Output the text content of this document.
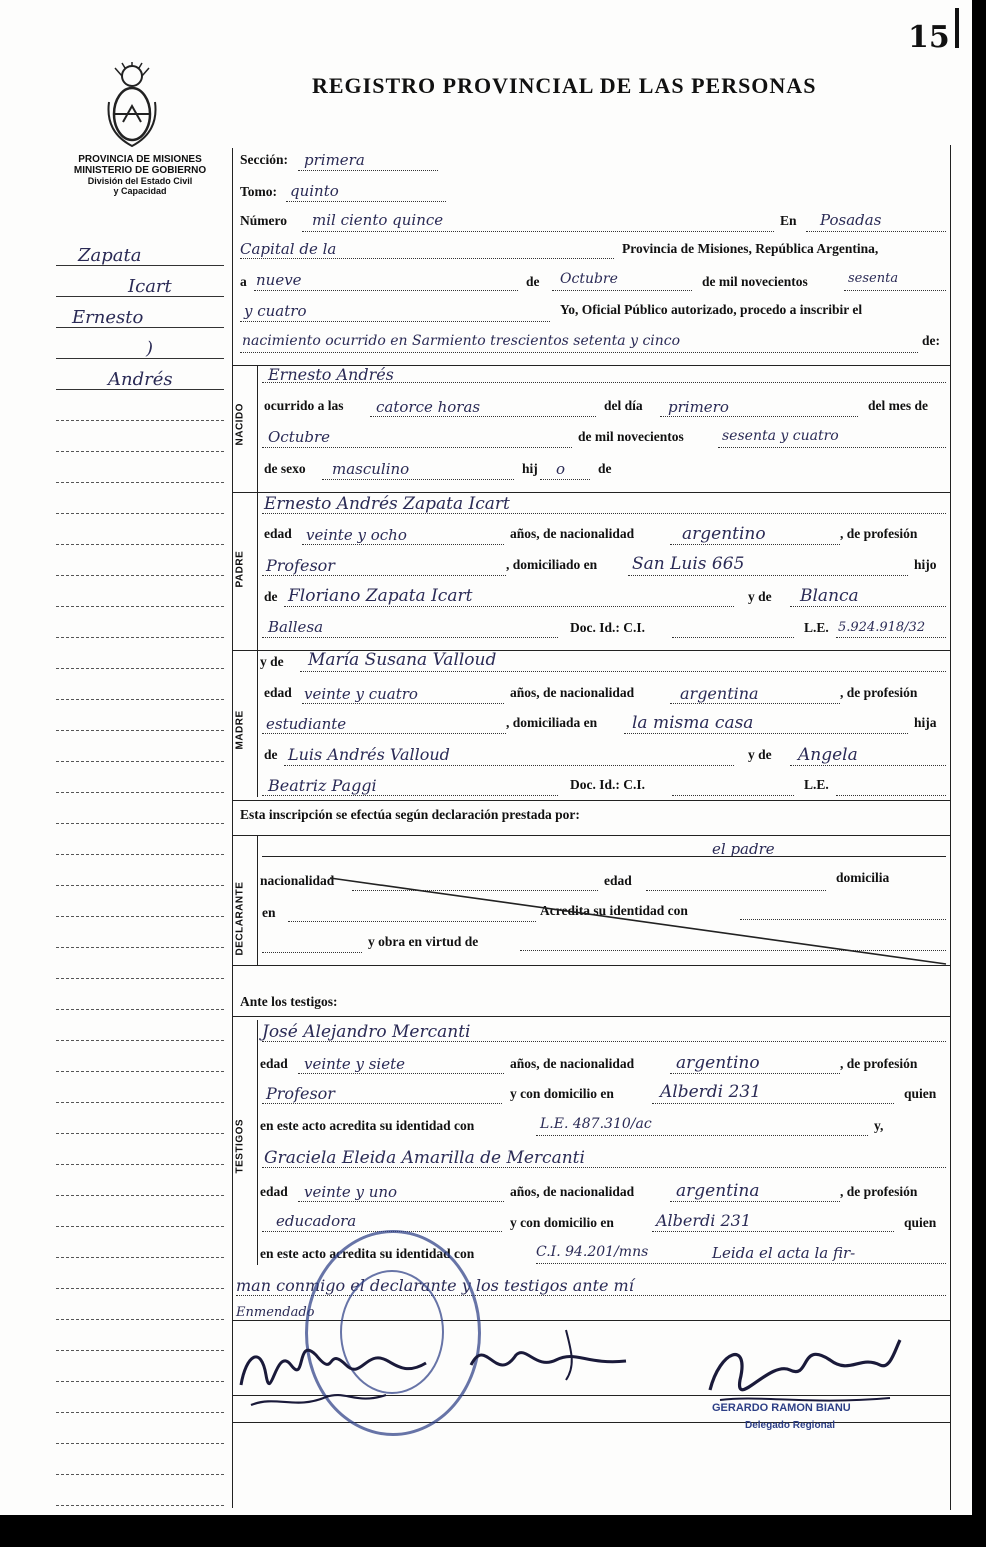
15
REGISTRO PROVINCIAL DE LAS PERSONAS
PROVINCIA DE MISIONES
MINISTERIO DE GOBIERNO
División del Estado Civil
y Capacidad
Zapata
Icart
Ernesto
)
Andrés
NACIDO
PADRE
MADRE
DECLARANTE
TESTIGOS
Sección: primera
Tomo: quinto
Número mil ciento quince	En Posadas
Capital de la	Provincia de Misiones, República Argentina,
a nueve	de Octubre	de mil novecientos	sesenta
y cuatro	Yo, Oficial Público autorizado, procedo a inscribir el
nacimiento ocurrido en Sarmiento trescientos setenta y cinco	de:
Ernesto Andrés
ocurrido a las catorce horas	del día primero	del mes de
Octubre	de mil novecientos	sesenta y cuatro
de sexo masculino	hij o de
Ernesto Andrés Zapata Icart
edad veinte y ocho	años, de nacionalidad	argentino	, de profesión
Profesor	, domiciliado en San Luis 665	hijo
de Floriano Zapata Icart	y de Blanca
Ballesa	Doc. Id.: C.I.	L.E. 5.924.918/32
y de María Susana Valloud
edad veinte y cuatro	años, de nacionalidad	argentina	, de profesión
estudiante	, domiciliada en la misma casa	hija
de Luis Andrés Valloud	y de Angela
Beatriz Paggi	Doc. Id.: C.I.	L.E.
Esta inscripción se efectúa según declaración prestada por:
el padre
nacionalidad	edad	domicilia
en	Acredita su identidad con
y obra en virtud de
Ante los testigos:
José Alejandro Mercanti
edad veinte y siete	años, de nacionalidad argentino	, de profesión
Profesor	y con domicilio en	Alberdi 231	quien
en este acto acredita su identidad con	L.E. 487.310/ac	y,
Graciela Eleida Amarilla de Mercanti
edad veinte y uno	años, de nacionalidad argentina	, de profesión
educadora	y con domicilio en	Alberdi 231	quien
en este acto acredita su identidad con	C.I. 94.201/mns	Leida el acta la fir-
man conmigo el declarante y los testigos ante mí
Enmendado
GERARDO RAMON BIANU
Delegado Regional
